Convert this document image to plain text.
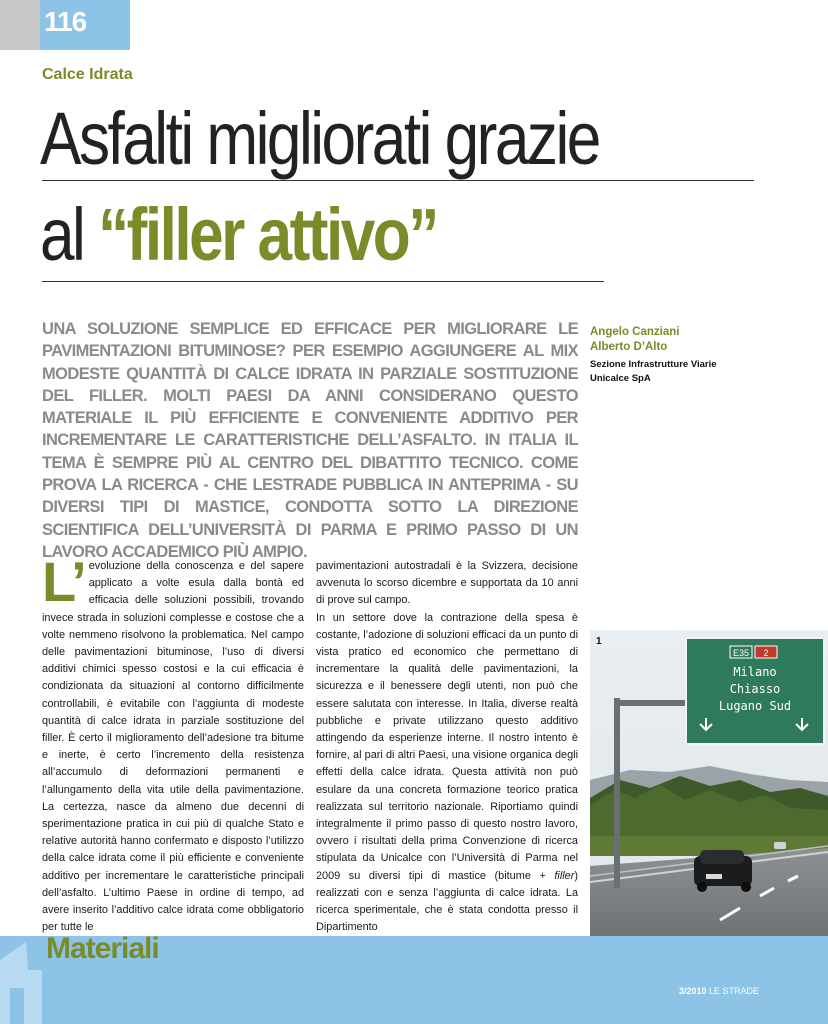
116
Calce Idrata
Asfalti migliorati grazie
al “filler attivo”
UNA SOLUZIONE SEMPLICE ED EFFICACE PER MIGLIORARE LE PAVIMENTAZIONI BITUMINOSE? PER ESEMPIO AGGIUNGERE AL MIX MODESTE QUANTITÀ DI CALCE IDRATA IN PARZIALE SOSTITUZIONE DEL FILLER. MOLTI PAESI DA ANNI CONSIDERANO QUESTO MATERIALE IL PIÙ EFFICIENTE E CONVENIENTE ADDITIVO PER INCREMENTARE LE CARATTERISTICHE DELL’ASFALTO. IN ITALIA IL TEMA È SEMPRE PIÙ AL CENTRO DEL DIBATTITO TECNICO. COME PROVA LA RICERCA - CHE LESTRADE PUBBLICA IN ANTEPRIMA - SU DIVERSI TIPI DI MASTICE, CONDOTTA SOTTO LA DIREZIONE SCIENTIFICA DELL’UNIVERSITÀ DI PARMA E PRIMO PASSO DI UN LAVORO ACCADEMICO PIÙ AMPIO.
Angelo Canziani
Alberto D’Alto
Sezione Infrastrutture Viarie
Unicalce SpA

L’ evoluzione della conoscenza e del sapere applicato a volte esula dalla bontà ed efficacia delle soluzioni possibili, trovando invece strada in soluzioni complesse e costose che a volte nemmeno risolvono la problematica. Nel campo delle pavimentazioni bituminose, l’uso di diversi additivi chimici spesso costosi e la cui efficacia è condizionata da situazioni al contorno difficilmente controllabili, è evitabile con l’aggiunta di modeste quantità di calce idrata in parziale sostituzione del filler. È certo il miglioramento dell’adesione tra bitume e inerte, è certo l’incremento della resistenza all’accumulo di deformazioni permanenti e l’allungamento della vita utile della pavimentazione. La certezza, nasce da almeno due decenni di sperimentazione pratica in cui più di qualche Stato e relative autorità hanno confermato e disposto l’utilizzo della calce idrata come il più efficiente e conveniente additivo per incrementare le caratteristiche principali dell’asfalto. L’ultimo Paese in ordine di tempo, ad avere inserito l’additivo calce idrata come obbligatorio per tutte le

pavimentazioni autostradali è la Svizzera, decisione avvenuta lo scorso dicembre e supportata da 10 anni di prove sul campo.

In un settore dove la contrazione della spesa è costante, l’adozione di soluzioni efficaci da un punto di vista pratico ed economico che permettano di incrementare la qualità delle pavimentazioni, la sicurezza e il benessere degli utenti, non può che essere salutata con interesse. In Italia, diverse realtà pubbliche e private utilizzano questo additivo attingendo da esperienze interne. Il nostro intento è fornire, al pari di altri Paesi, una visione organica degli effetti della calce idrata. Questa attività non può esulare da una concreta formazione teorico pratica realizzata sul territorio nazionale. Riportiamo quindi integralmente il primo passo di questo nostro lavoro, ovvero i risultati della prima Convenzione di ricerca stipulata da Unicalce con l’Università di Parma nel 2009 su diversi tipi di mastice (bitume + filler) realizzati con e senza l’aggiunta di calce idrata. La ricerca sperimentale, che è stata condotta presso il Dipartimento

E35 2
Milano
Chiasso
Lugano Sud
1
Materiali
3/2010 LE STRADE
